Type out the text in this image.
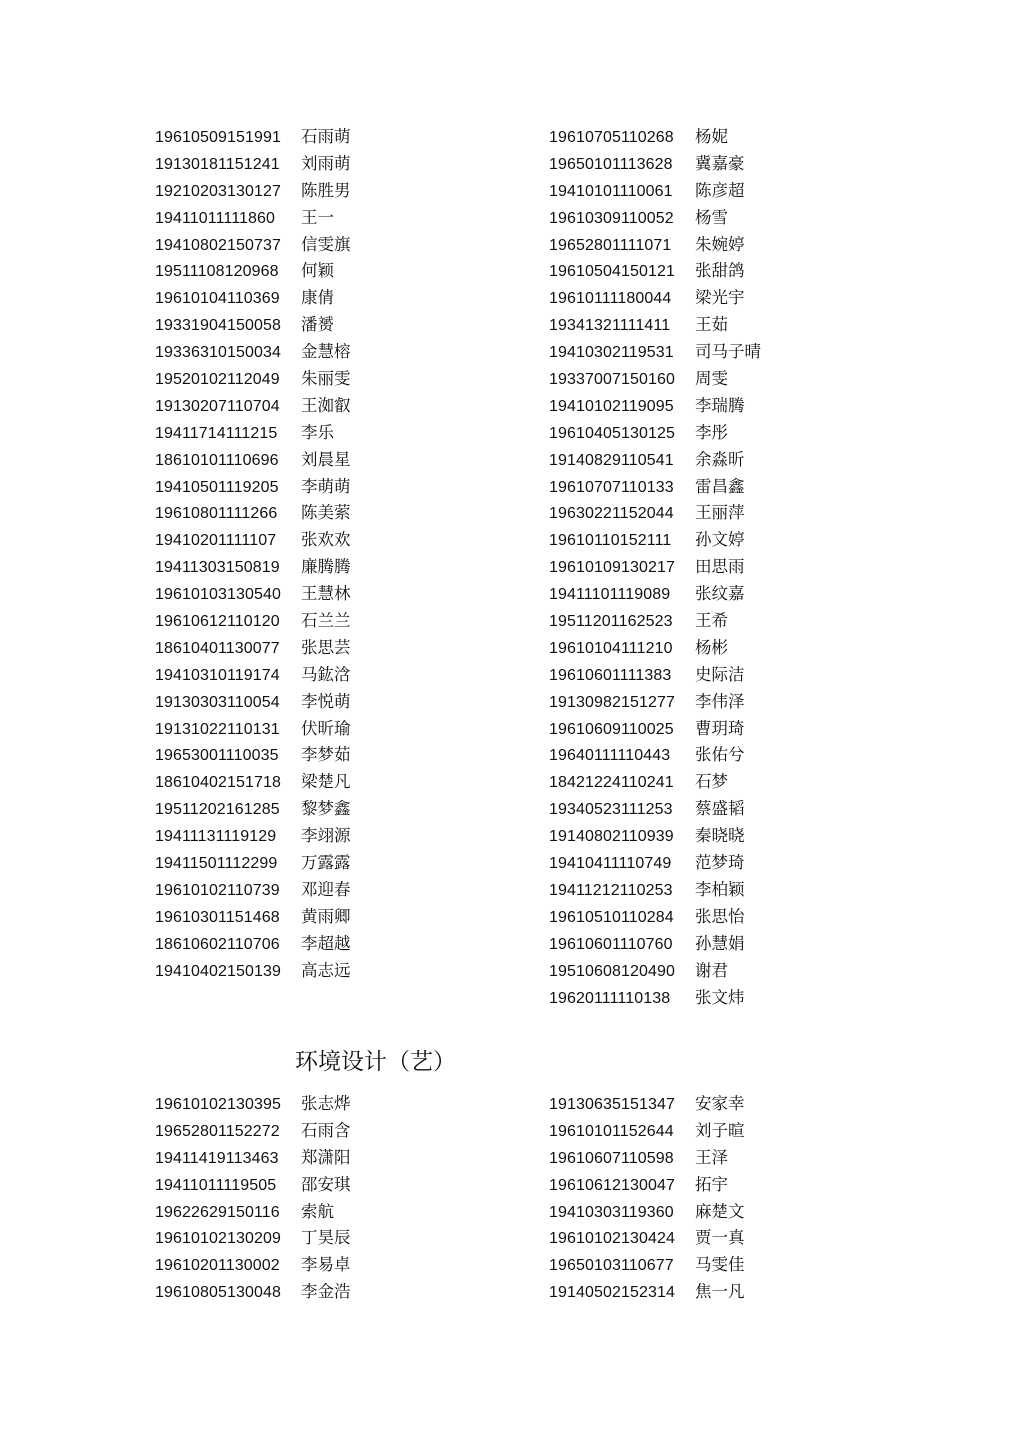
19610509151991 石雨萌
19130181151241 刘雨萌
19210203130127 陈胜男
19411011111860 王一
19410802150737 信雯旗
19511108120968 何颖
19610104110369 康倩
19331904150058 潘赟
19336310150034 金慧榕
19520102112049 朱丽雯
19130207110704 王洳叡
19411714111215 李乐
18610101110696 刘晨星
19410501119205 李萌萌
19610801111266 陈美萦
19410201111107 张欢欢
19411303150819 廉腾腾
19610103130540 王慧林
19610612110120 石兰兰
18610401130077 张思芸
19410310119174 马鈜浛
19130303110054 李悦萌
19131022110131 伏昕瑜
19653001110035 李梦茹
18610402151718 梁楚凡
19511202161285 黎梦鑫
19411131119129 李翊源
19411501112299 万露露
19610102110739 邓迎春
19610301151468 黄雨卿
18610602110706 李超越
19410402150139 高志远
19610705110268 杨妮
19650101113628 冀嘉豪
19410101110061 陈彦超
19610309110052 杨雪
19652801111071 朱婉婷
19610504150121 张甜鸽
19610111180044 梁光宇
19341321111411 王茹
19410302119531 司马子晴
19337007150160 周雯
19410102119095 李瑞腾
19610405130125 李彤
19140829110541 余淼昕
19610707110133 雷昌鑫
19630221152044 王丽萍
19610110152111 孙文婷
19610109130217 田思雨
19411101119089 张纹嘉
19511201162523 王希
19610104111210 杨彬
19610601111383 史际洁
19130982151277 李伟泽
19610609110025 曹玥琦
19640111110443 张佑兮
18421224110241 石梦
19340523111253 蔡盛韬
19140802110939 秦晓晓
19410411110749 范梦琦
19411212110253 李柏颖
19610510110284 张思怡
19610601110760 孙慧娟
19510608120490 谢君
19620111110138 张文炜
环境设计（艺）
19610102130395 张志烨
19652801152272 石雨含
19411419113463 郑潇阳
19411011119505 邵安琪
19622629150116 索航
19610102130209 丁昊辰
19610201130002 李易卓
19610805130048 李金浩
19130635151347 安家幸
19610101152644 刘子暄
19610607110598 王泽
19610612130047 拓宇
19410303119360 麻楚文
19610102130424 贾一真
19650103110677 马雯佳
19140502152314 焦一凡
